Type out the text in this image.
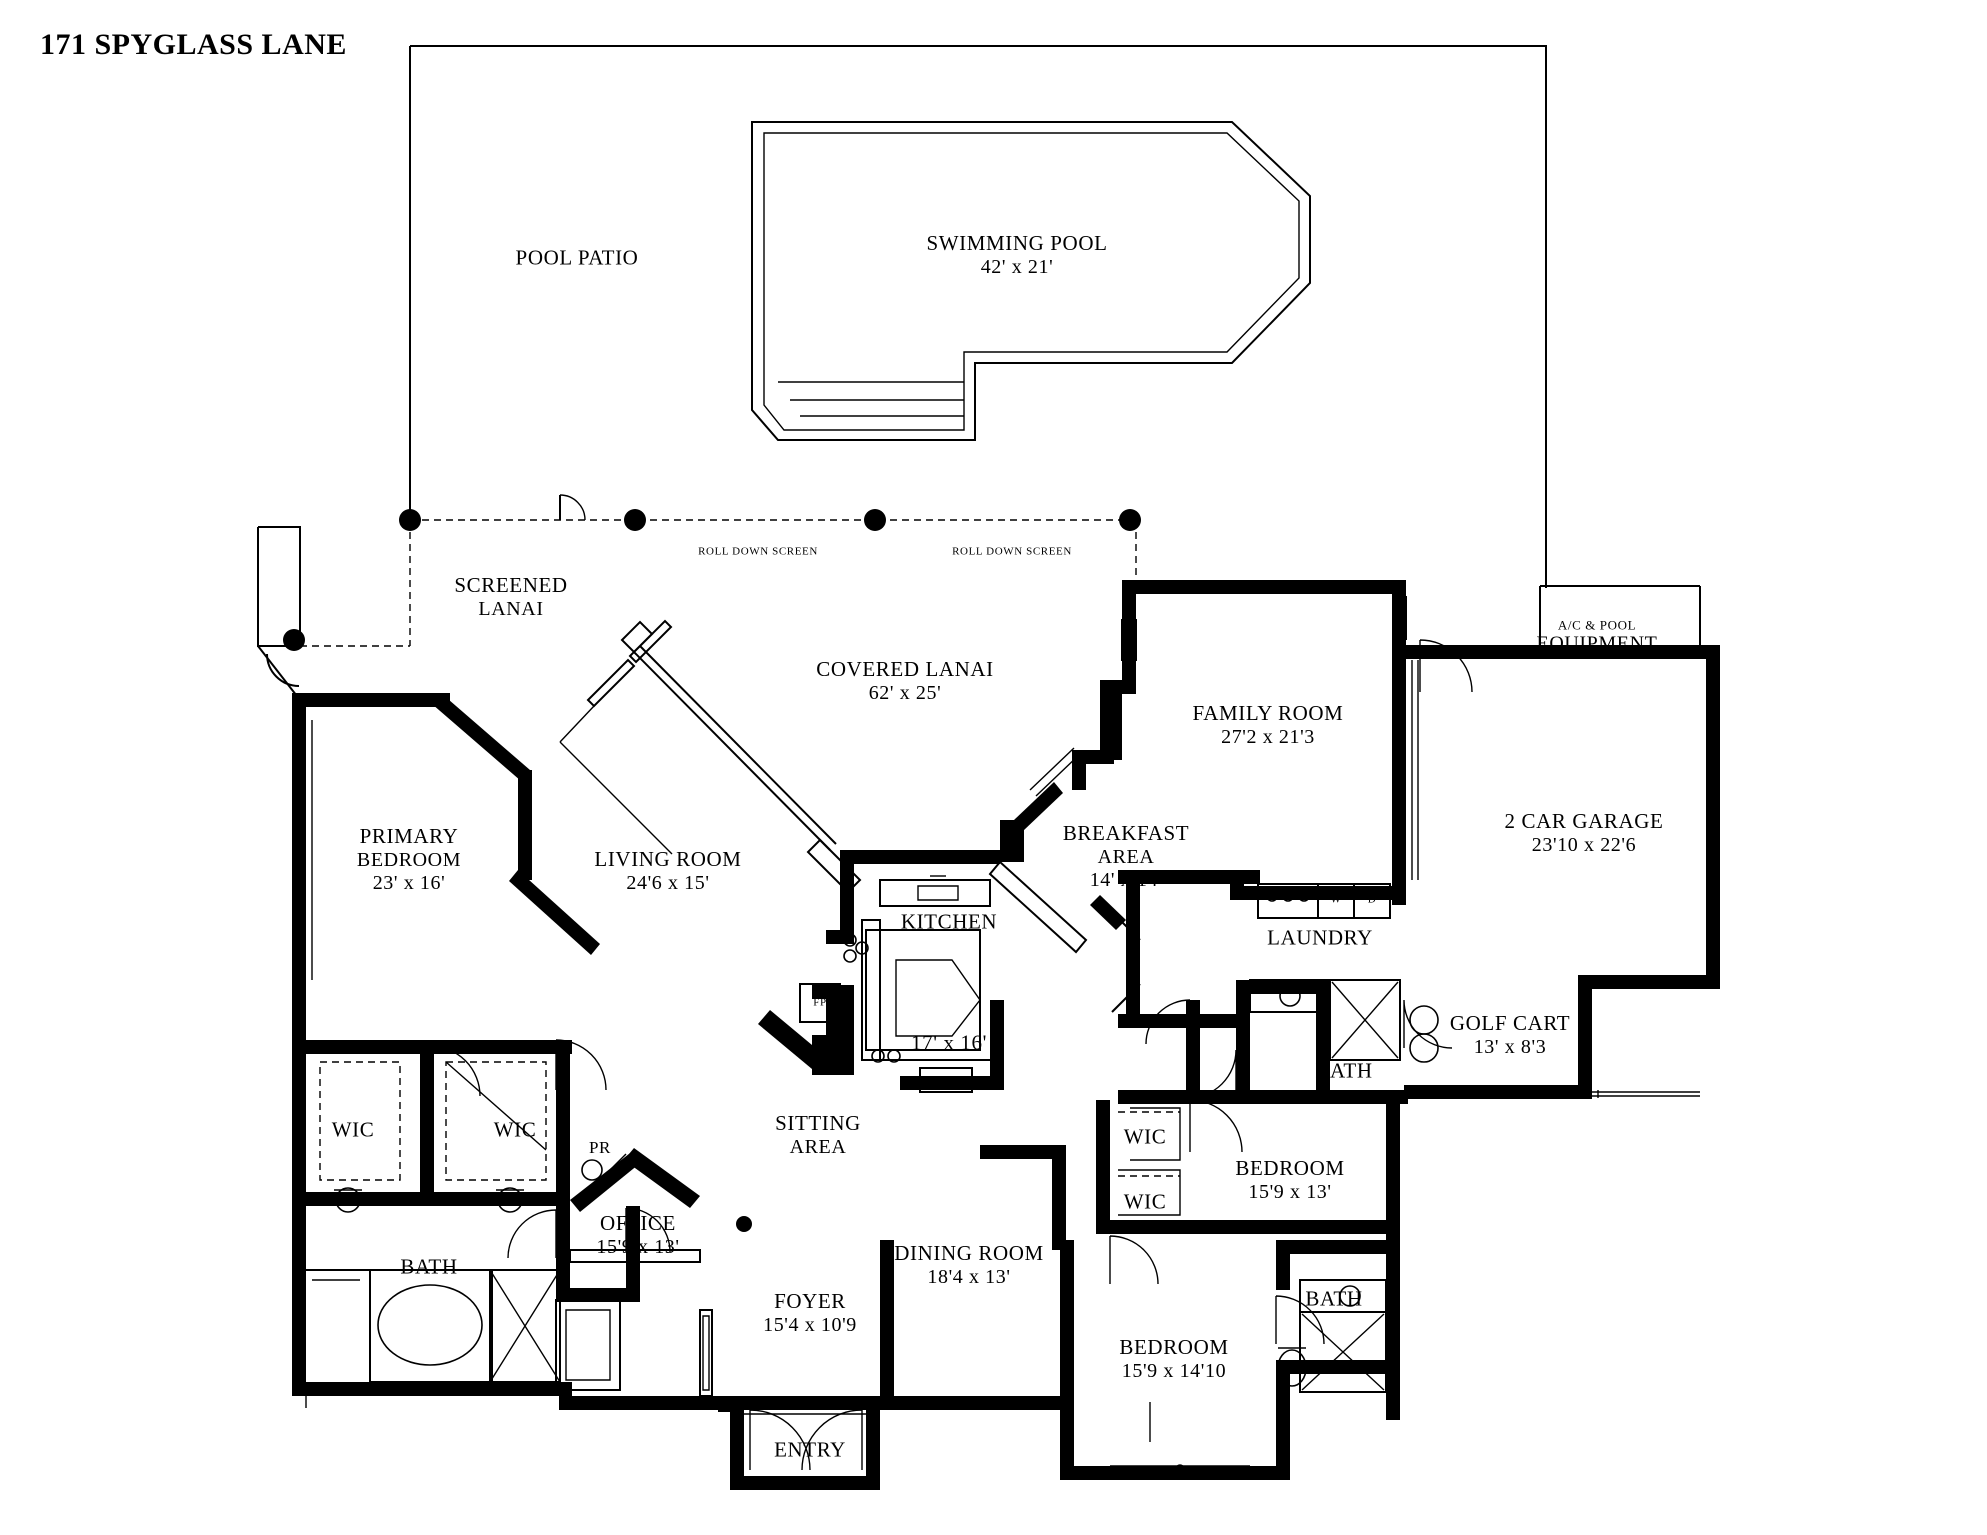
171 SPYGLASS LANE
POOL PATIO
SWIMMING POOL
42' x 21'
SCREENED
LANAI
COVERED LANAI
62' x 25'
FAMILY ROOM
27'2 x 21'3
A/C & POOL
EQUIPMENT
2 CAR GARAGE
23'10 x 22'6
PRIMARY
BEDROOM
23' x 16'
LIVING ROOM
24'6 x 15'
BREAKFAST
AREA
14' x 14'
KITCHEN
17' x 16'
LAUNDRY
GOLF CART
13' x 8'3
SITTING
AREA
WIC	WIC
PR
BATH
OFFICE
15'9 x 13'
FOYER
15'4 x 10'9
DINING ROOM
18'4 x 13'
ENTRY
WIC
WIC
BEDROOM
15'9 x 13'
BATH
BATH
BEDROOM
15'9 x 14'10
FP
R
W D
ROLL DOWN SCREEN	ROLL DOWN SCREEN
